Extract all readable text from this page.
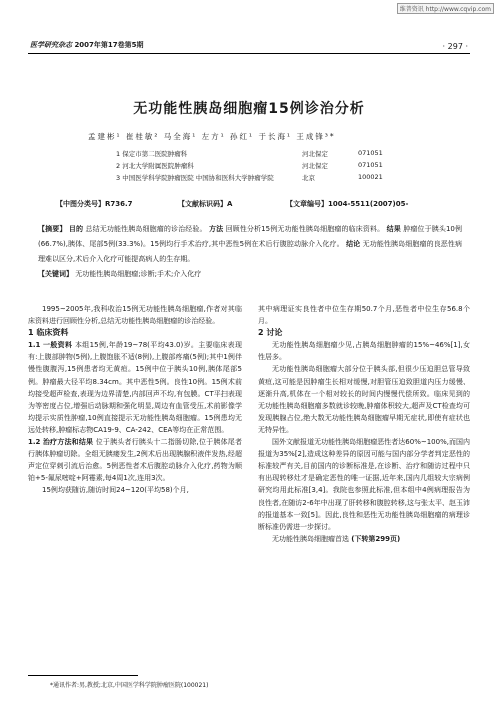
维普资讯 http://www.cqvip.com
医学研究杂志 2007年第17卷第5期	· 297 ·
无功能性胰岛细胞瘤15例诊治分析
孟建彬¹ 崔桂敏² 马全海¹ 左方¹ 孙红¹ 于长海¹ 王成锋³*
1 保定市第二医院肿瘤科	河北保定	071051
2 河北大学附属医院肿瘤科	河北保定	071051
3 中国医学科学院肿瘤医院 中国协和医科大学肿瘤学院	北京	100021
【中图分类号】R736.7	【文献标识码】A	【文章编号】1004-5511(2007)05-
【摘要】 目的 总结无功能性胰岛细胞瘤的诊治经验。 方法 回顾性分析15例无功能性胰岛细胞瘤的临床资料。 结果 肿瘤位于胰头10例(66.7%),胰体、尾部5例(33.3%)。15例均行手术治疗,其中恶性5例在术后行腹腔动脉介入化疗。 结论 无功能性胰岛细胞瘤的良恶性病理难以区分,术后介入化疗可能提高病人的生存期。
【关键词】 无功能性胰岛细胞瘤;诊断;手术;介入化疗

1995~2005年,我科收治15例无功能性胰岛细胞瘤,作者对其临床资料进行回顾性分析,总结无功能性胰岛细胞瘤的诊治经验。

1 临床资料

1.1 一般资料 本组15例,年龄19~78(平均43.0)岁。主要临床表现有:上腹部肿物(5例),上腹饱胀不适(8例),上腹部疼痛(5例);其中1例伴慢性腹腹泻,15例患者均无黄疸。15例中位于胰头10例,胰体尾部5例。肿瘤最大径平均8.34cm。其中恶性5例。良性10例。15例术前均接受超声检查,表现为边界清楚,内部回声不均,有包膜。CT平扫表现为等密度占位,增强后动脉期和强化明显,周边有血管受压,术前影像学均提示实质性肿瘤,10例直接提示无功能性胰岛细胞瘤。15例患均无远处转移,肿瘤标志物CA19-9、CA-242、CEA等均在正常范围。

1.2 治疗方法和结果 位于胰头者行胰头十二指肠切除,位于胰体尾者行胰体肿瘤切除。全组无胰瘘发生,2例术后出现胰腺积液伴发热,经超声定位穿刺引流后治愈。5例恶性者术后腹腔动脉介入化疗,药物为顺铂+5-氟尿嘧啶+阿霉素,每4周1次,连用3次。

15例均获随访,随访时间24~120(平均58)个月,

其中病理证实良性者中位生存期50.7个月,恶性者中位生存56.8个月。

2 讨论

无功能性胰岛细胞瘤少见,占胰岛细胞肿瘤的15%~46%[1],女性居多。

无功能性胰岛细胞瘤大部分位于胰头部,但很少压迫胆总管导致黄疸,这可能是因肿瘤生长相对缓慢,对胆管压迫致胆道内压力缓慢、逐渐升高,机体在一个相对较长的时间内慢慢代偿所致。临床见到的无功能性胰岛细胞瘤多数就诊较晚,肿瘤体积较大,超声及CT检查均可发现胰腺占位,绝大数无功能性胰岛细胞瘤早期无症状,即使有症状也无特异性。

国外文献报道无功能性胰岛细胞瘤恶性者达60%~100%,而国内报道为35%[2],造成这种差异的原因可能与国内部分学者判定恶性的标准较严有关,目前国内的诊断标准是,在诊断、治疗和随访过程中只有出现转移灶才是确定恶性的唯一证据,近年来,国内几组较大宗病例研究均用此标准[3,4]。我院也参照此标准,但本组中4例病理报告为良性者,在随访2-6年中出现了肝转移和腹腔转移,这与张太平、赵玉沛的报道基本一致[5]。因此,良性和恶性无功能性胰岛细胞瘤的病理诊断标准仍需进一步探讨。

无功能性胰岛细胞瘤首选 (下转第299页)

*通讯作者:男,教授;北京,中国医学科学院肿瘤医院(100021)
